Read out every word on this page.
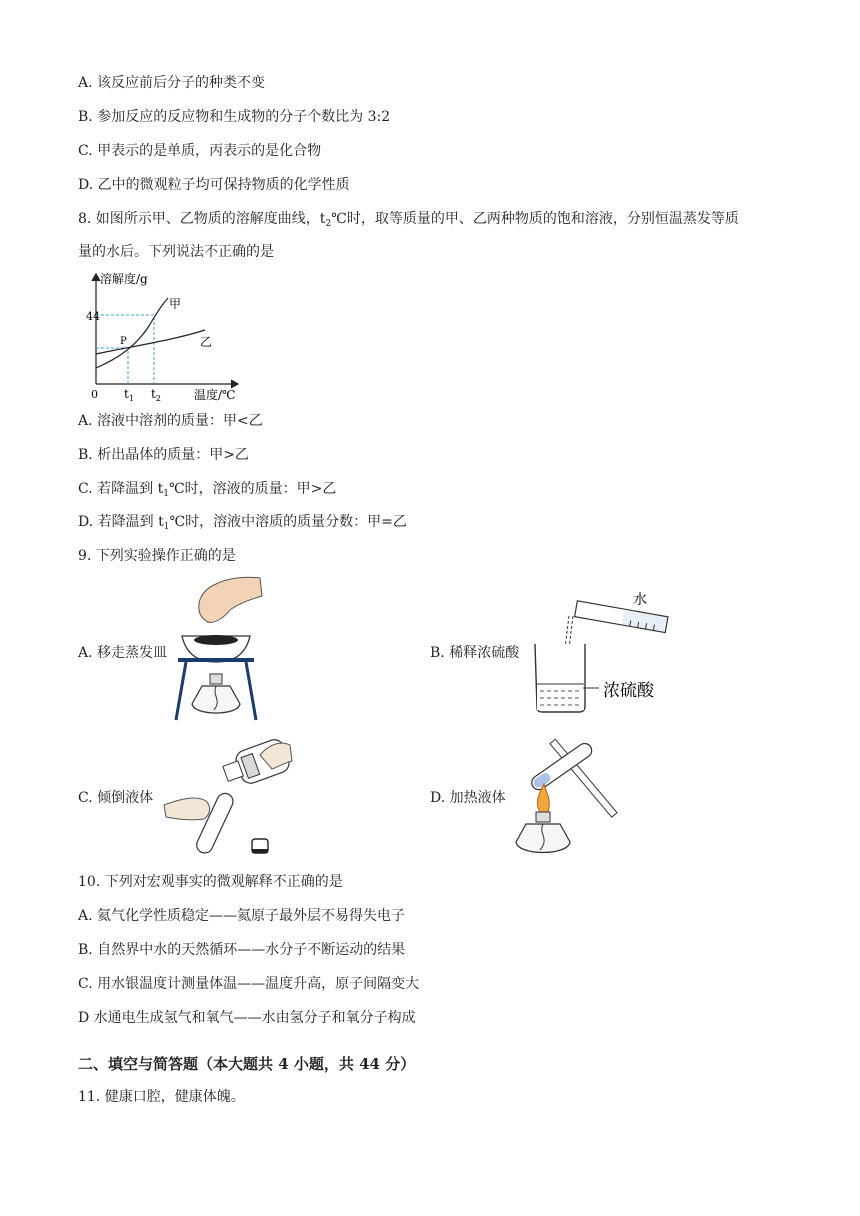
A. 该反应前后分子的种类不变
B. 参加反应的反应物和生成物的分子个数比为 3:2
C. 甲表示的是单质，丙表示的是化合物
D. 乙中的微观粒子均可保持物质的化学性质
8. 如图所示甲、乙物质的溶解度曲线，$t_2℃$时，取等质量的甲、乙两种物质的饱和溶液，分别恒温蒸发等质
量的水后。下列说法不正确的是
溶解度/g
44
0	温度/℃
$t_1$ $t_2$
P
甲
乙
A. 溶液中溶剂的质量：甲<乙
B. 析出晶体的质量：甲>乙
C. 若降温到 $t_1℃$时，溶液的质量：甲>乙
D. 若降温到 $t_1℃$时，溶液中溶质的质量分数：甲=乙
9. 下列实验操作正确的是
A. 移走蒸发皿	B. 稀释浓硫酸
水
浓硫酸
C. 倾倒液体	D. 加热液体
10. 下列对宏观事实的微观解释不正确的是
A. 氦气化学性质稳定——氦原子最外层不易得失电子
B. 自然界中水的天然循环——水分子不断运动的结果
C. 用水银温度计测量体温——温度升高，原子间隔变大
D 水通电生成氢气和氧气——水由氢分子和氧分子构成
二、填空与简答题（本大题共 4 小题，共 44 分）
11. 健康口腔，健康体魄。
